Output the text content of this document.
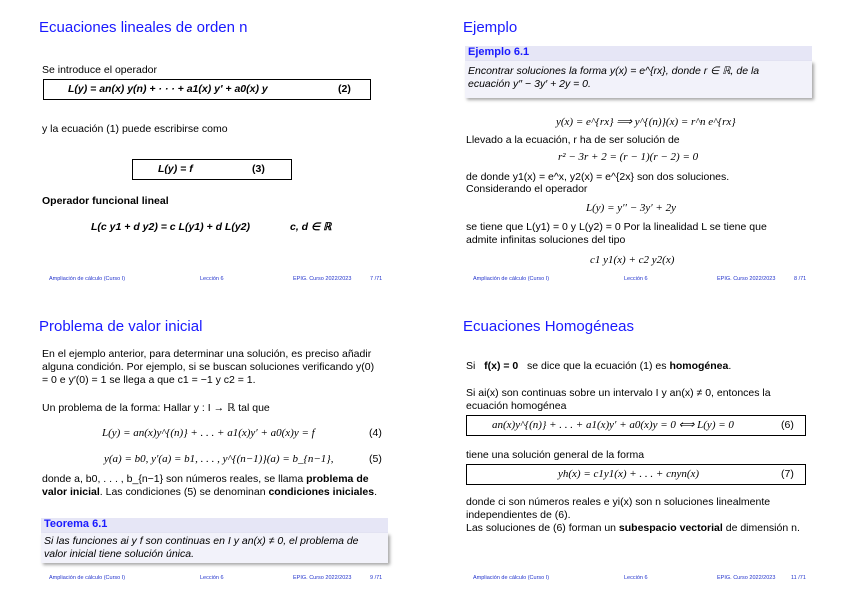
Ecuaciones lineales de orden n
Se introduce el operador
L(y) = an(x) y(n) + · · · + a1(x) y′ + a0(x) y	(2)
y la ecuación (1) puede escribirse como
L(y) = f	(3)
Operador funcional lineal
L(c y1 + d y2) = c L(y1) + d L(y2)	c, d ∈ ℝ
Ampliación de cálculo (Curso I)	Lección 6	EPIG. Curso 2022/2023	7 /71
Ejemplo
Ejemplo 6.1
Encontrar soluciones la forma y(x) = e^{rx}, donde r ∈ ℝ, de la ecuación y′′ − 3y′ + 2y = 0.
y(x) = e^{rx} ⟹ y^{(n)}(x) = r^n e^{rx}
Llevado a la ecuación, r ha de ser solución de
r² − 3r + 2 = (r − 1)(r − 2) = 0
de donde y1(x) = e^x, y2(x) = e^{2x} son dos soluciones.
Considerando el operador
L(y) = y′′ − 3y′ + 2y
se tiene que L(y1) = 0 y L(y2) = 0 Por la linealidad L se tiene que
admite infinitas soluciones del tipo
c1 y1(x) + c2 y2(x)
Ampliación de cálculo (Curso I)	Lección 6	EPIG. Curso 2022/2023	8 /71
Problema de valor inicial
En el ejemplo anterior, para determinar una solución, es preciso añadir alguna condición. Por ejemplo, si se buscan soluciones verificando y(0) = 0 e y′(0) = 1 se llega a que c1 = −1 y c2 = 1.
Un problema de la forma: Hallar y : I → ℝ tal que
L(y) = an(x)y^{(n)} + . . . + a1(x)y′ + a0(x)y = f	(4)
y(a) = b0, y′(a) = b1, . . . , y^{(n−1)}(a) = b_{n−1},	(5)
donde a, b0, . . . , b_{n−1} son números reales, se llama problema de valor inicial. Las condiciones (5) se denominan condiciones iniciales.
Teorema 6.1
Si las funciones ai y f son continuas en I y an(x) ≠ 0, el problema de valor inicial tiene solución única.
Ampliación de cálculo (Curso I)	Lección 6	EPIG. Curso 2022/2023	9 /71
Ecuaciones Homogéneas
Si f(x) = 0 se dice que la ecuación (1) es homogénea.
Si ai(x) son continuas sobre un intervalo I y an(x) ≠ 0, entonces la ecuación homogénea
an(x)y^{(n)} + . . . + a1(x)y′ + a0(x)y = 0 ⟺ L(y) = 0	(6)
tiene una solución general de la forma
yh(x) = c1y1(x) + . . . + cnyn(x)	(7)
donde ci son números reales e yi(x) son n soluciones linealmente independientes de (6).
Las soluciones de (6) forman un subespacio vectorial de dimensión n.
Ampliación de cálculo (Curso I)	Lección 6	EPIG. Curso 2022/2023	11 /71
